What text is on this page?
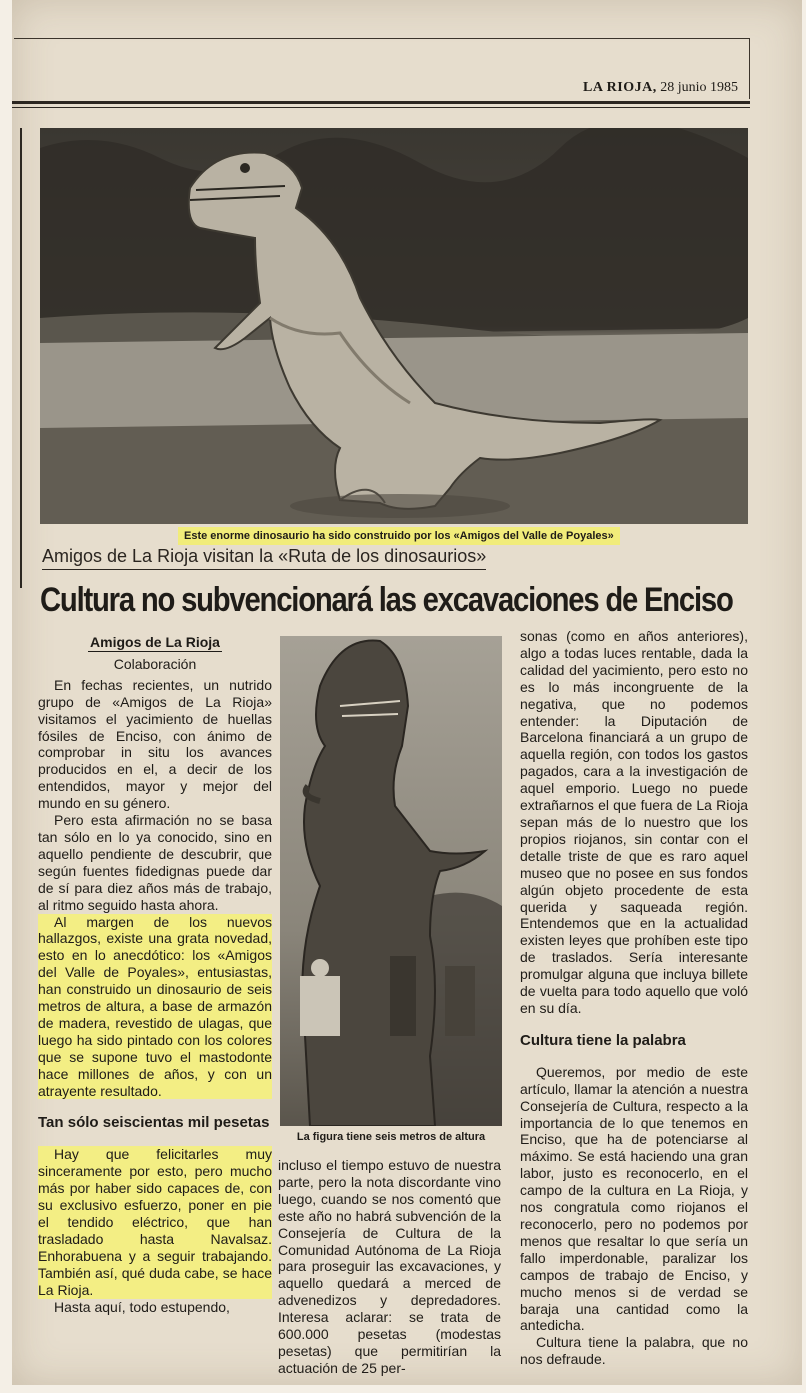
LA RIOJA, 28 junio 1985
Este enorme dinosaurio ha sido construido por los «Amigos del Valle de Poyales»
Amigos de La Rioja visitan la «Ruta de los dinosaurios»
Cultura no subvencionará las excavaciones de Enciso
Amigos de La Rioja
Colaboración

En fechas recientes, un nutrido grupo de «Amigos de La Rioja» visitamos el yacimiento de huellas fósiles de Enciso, con ánimo de comprobar in situ los avances producidos en el, a decir de los entendidos, mayor y mejor del mundo en su género.

Pero esta afirmación no se basa tan sólo en lo ya conocido, sino en aquello pendiente de descubrir, que según fuentes fidedignas puede dar de sí para diez años más de trabajo, al ritmo seguido hasta ahora.

Al margen de los nuevos hallazgos, existe una grata novedad, esto en lo anecdótico: los «Amigos del Valle de Poyales», entusiastas, han construido un dinosaurio de seis metros de altura, a base de armazón de madera, revestido de ulagas, que luego ha sido pintado con los colores que se supone tuvo el mastodonte hace millones de años, y con un atrayente resultado.

Tan sólo seiscientas mil pesetas

Hay que felicitarles muy sinceramente por esto, pero mucho más por haber sido capaces de, con su exclusivo esfuerzo, poner en pie el tendido eléctrico, que han trasladado hasta Navalsaz. Enhorabuena y a seguir trabajando. También así, qué duda cabe, se hace La Rioja.

Hasta aquí, todo estupendo,

La figura tiene seis metros de altura

incluso el tiempo estuvo de nuestra parte, pero la nota discordante vino luego, cuando se nos comentó que este año no habrá subvención de la Consejería de Cultura de la Comunidad Autónoma de La Rioja para proseguir las excavaciones, y aquello quedará a merced de advenedizos y depredadores. Interesa aclarar: se trata de 600.000 pesetas (modestas pesetas) que permitirían la actuación de 25 per-

sonas (como en años anteriores), algo a todas luces rentable, dada la calidad del yacimiento, pero esto no es lo más incongruente de la negativa, que no podemos entender: la Diputación de Barcelona financiará a un grupo de aquella región, con todos los gastos pagados, cara a la investigación de aquel emporio. Luego no puede extrañarnos el que fuera de La Rioja sepan más de lo nuestro que los propios riojanos, sin contar con el detalle triste de que es raro aquel museo que no posee en sus fondos algún objeto procedente de esta querida y saqueada región. Entendemos que en la actualidad existen leyes que prohíben este tipo de traslados. Sería interesante promulgar alguna que incluya billete de vuelta para todo aquello que voló en su día.

Cultura tiene la palabra

Queremos, por medio de este artículo, llamar la atención a nuestra Consejería de Cultura, respecto a la importancia de lo que tenemos en Enciso, que ha de potenciarse al máximo. Se está haciendo una gran labor, justo es reconocerlo, en el campo de la cultura en La Rioja, y nos congratula como riojanos el reconocerlo, pero no podemos por menos que resaltar lo que sería un fallo imperdonable, paralizar los campos de trabajo de Enciso, y mucho menos si de verdad se baraja una cantidad como la antedicha.

Cultura tiene la palabra, que no nos defraude.
